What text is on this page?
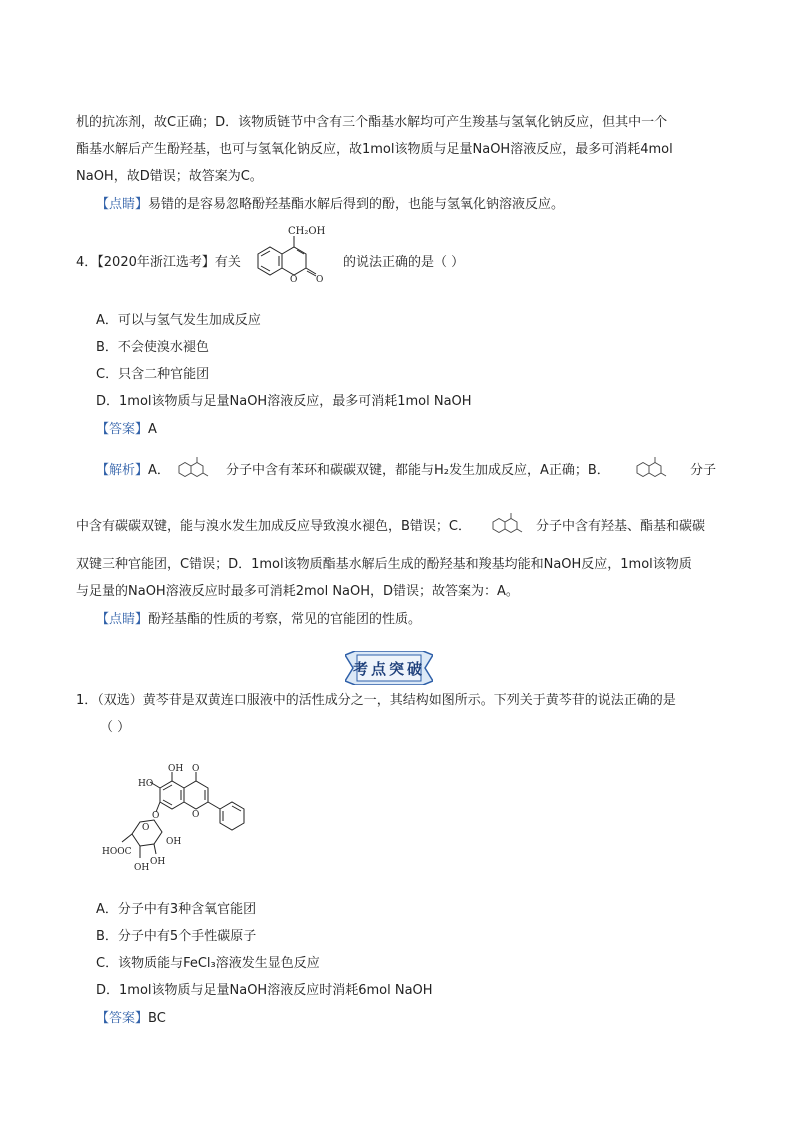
机的抗冻剂，故C正确；D．该物质链节中含有三个酯基水解均可产生羧基与氢氧化钠反应，但其中一个
酯基水解后产生酚羟基，也可与氢氧化钠反应，故1mol该物质与足量NaOH溶液反应，最多可消耗4mol
NaOH，故D错误；故答案为C。
【点睛】易错的是容易忽略酚羟基酯水解后得到的酚，也能与氢氧化钠溶液反应。
4．【2020年浙江选考】有关
CH₂OH
O O
的说法正确的是（ ）
A．可以与氢气发生加成反应
B．不会使溴水褪色
C．只含二种官能团
D．1mol该物质与足量NaOH溶液反应，最多可消耗1mol NaOH
【答案】A
【解析】A．	分子中含有苯环和碳碳双键，都能与H₂发生加成反应，A正确；B．	分子
中含有碳碳双键，能与溴水发生加成反应导致溴水褪色，B错误；C．	分子中含有羟基、酯基和碳碳
双键三种官能团，C错误；D．1mol该物质酯基水解后生成的酚羟基和羧基均能和NaOH反应，1mol该物质
与足量的NaOH溶液反应时最多可消耗2mol NaOH，D错误；故答案为：A。
【点睛】酚羟基酯的性质的考察，常见的官能团的性质。
考点突破
1．（双选）黄芩苷是双黄连口服液中的活性成分之一，其结构如图所示。下列关于黄芩苷的说法正确的是
（ ）
OH O
HO
O
O
HOOC
O
OH
OH
OH
A．分子中有3种含氧官能团
B．分子中有5个手性碳原子
C．该物质能与FeCl₃溶液发生显色反应
D．1mol该物质与足量NaOH溶液反应时消耗6mol NaOH
【答案】BC
